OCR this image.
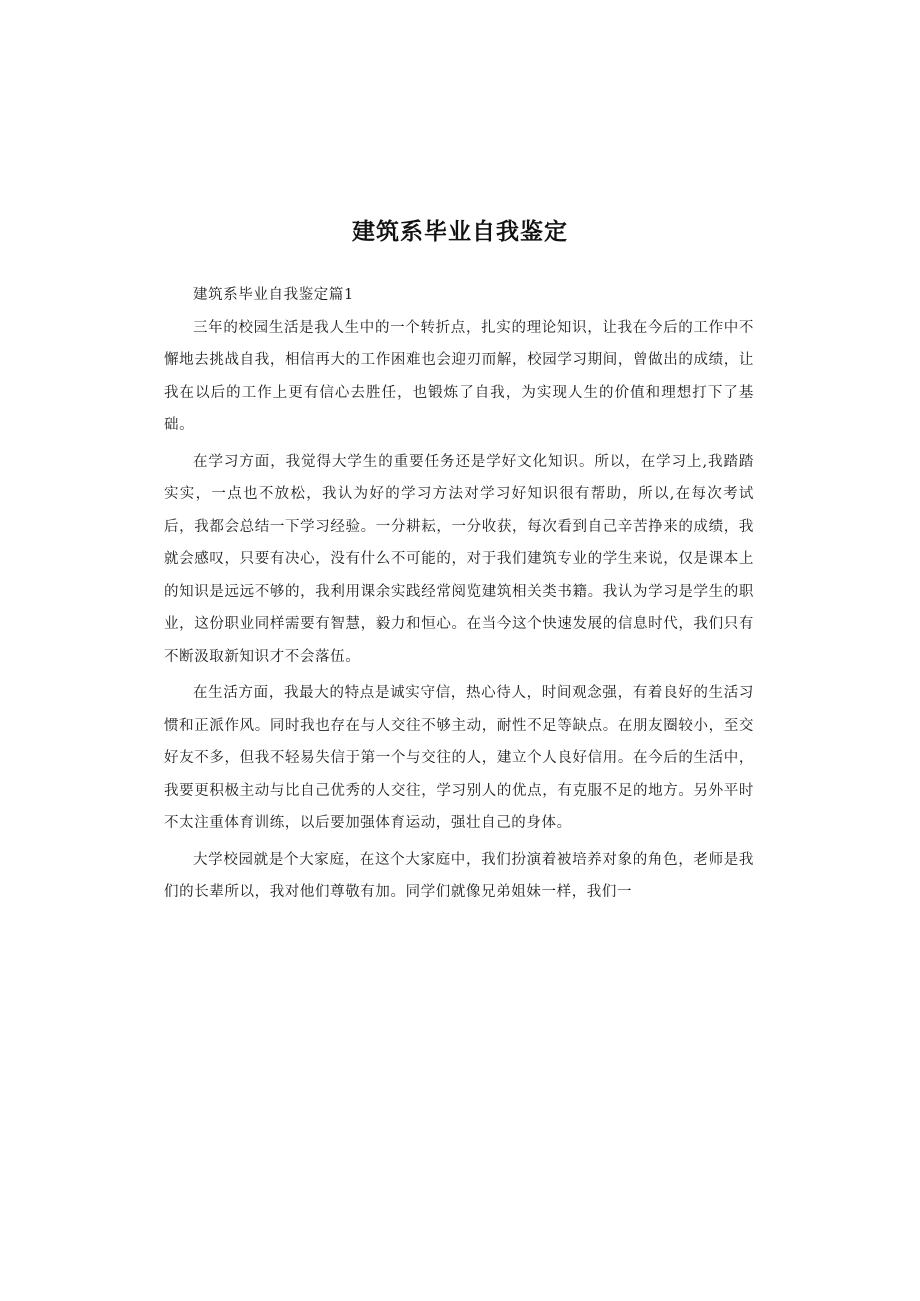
建筑系毕业自我鉴定

建筑系毕业自我鉴定篇1

三年的校园生活是我人生中的一个转折点，扎实的理论知识，让我在今后的工作中不懈地去挑战自我，相信再大的工作困难也会迎刃而解，校园学习期间，曾做出的成绩，让我在以后的工作上更有信心去胜任，也锻炼了自我，为实现人生的价值和理想打下了基础。

在学习方面，我觉得大学生的重要任务还是学好文化知识。所以，在学习上,我踏踏实实，一点也不放松，我认为好的学习方法对学习好知识很有帮助，所以,在每次考试后，我都会总结一下学习经验。一分耕耘，一分收获，每次看到自己辛苦挣来的成绩，我就会感叹，只要有决心，没有什么不可能的，对于我们建筑专业的学生来说，仅是课本上的知识是远远不够的，我利用课余实践经常阅览建筑相关类书籍。我认为学习是学生的职业，这份职业同样需要有智慧，毅力和恒心。在当今这个快速发展的信息时代，我们只有不断汲取新知识才不会落伍。

在生活方面，我最大的特点是诚实守信，热心待人，时间观念强，有着良好的生活习惯和正派作风。同时我也存在与人交往不够主动，耐性不足等缺点。在朋友圈较小，至交好友不多，但我不轻易失信于第一个与交往的人，建立个人良好信用。在今后的生活中，我要更积极主动与比自己优秀的人交往，学习别人的优点，有克服不足的地方。另外平时不太注重体育训练，以后要加强体育运动，强壮自己的身体。

大学校园就是个大家庭，在这个大家庭中，我们扮演着被培养对象的角色，老师是我们的长辈所以，我对他们尊敬有加。同学们就像兄弟姐妹一样，我们一
